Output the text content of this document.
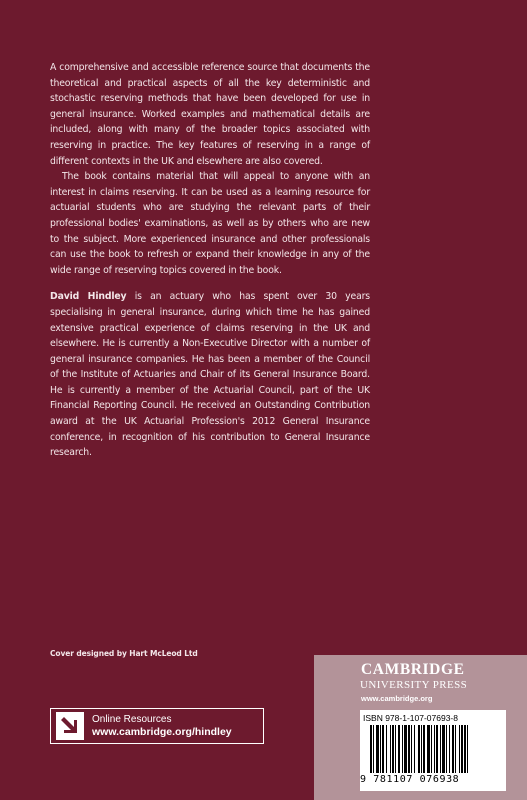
A comprehensive and accessible reference source that documents the theoretical and practical aspects of all the key deterministic and stochastic reserving methods that have been developed for use in general insurance. Worked examples and mathematical details are included, along with many of the broader topics associated with reserving in practice. The key features of reserving in a range of different contexts in the UK and elsewhere are also covered.

The book contains material that will appeal to anyone with an interest in claims reserving. It can be used as a learning resource for actuarial students who are studying the relevant parts of their professional bodies' examinations, as well as by others who are new to the subject. More experienced insurance and other professionals can use the book to refresh or expand their knowledge in any of the wide range of reserving topics covered in the book.

David Hindley is an actuary who has spent over 30 years specialising in general insurance, during which time he has gained extensive practical experience of claims reserving in the UK and elsewhere. He is currently a Non-Executive Director with a number of general insurance companies. He has been a member of the Council of the Institute of Actuaries and Chair of its General Insurance Board. He is currently a member of the Actuarial Council, part of the UK Financial Reporting Council. He received an Outstanding Contribution award at the UK Actuarial Profession's 2012 General Insurance conference, in recognition of his contribution to General Insurance research.

Cover designed by Hart McLeod Ltd
Online Resources
www.cambridge.org/hindley
CAMBRIDGE
UNIVERSITY PRESS
www.cambridge.org
ISBN 978-1-107-07693-8
9 781107 076938
